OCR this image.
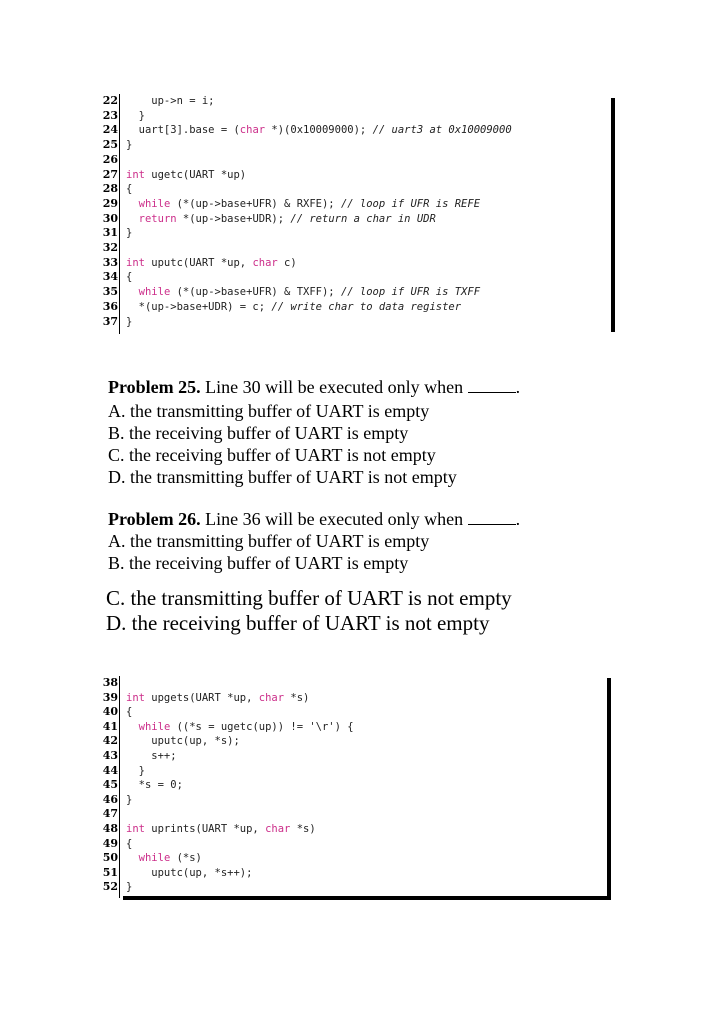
22 up->n = i;
23 }
24 uart[3].base = (char *)(0x10009000); // uart3 at 0x10009000
25 }
26
27 int ugetc(UART *up)
28 {
29	while (*(up->base+UFR) & RXFE); // loop if UFR is REFE
30	return *(up->base+UDR); // return a char in UDR
31 }
32
33 int uputc(UART *up, char c)
34 {
35	while (*(up->base+UFR) & TXFF); // loop if UFR is TXFF
36 *(up->base+UDR) = c; // write char to data register
37 }
Problem 25. Line 30 will be executed only when	.
A. the transmitting buffer of UART is empty
B. the receiving buffer of UART is empty
C. the receiving buffer of UART is not empty
D. the transmitting buffer of UART is not empty
Problem 26. Line 36 will be executed only when	.
A. the transmitting buffer of UART is empty
B. the receiving buffer of UART is empty
C. the transmitting buffer of UART is not empty
D. the receiving buffer of UART is not empty
38
39 int upgets(UART *up, char *s)
40 {
41	while ((*s = ugetc(up)) != '\r') {
42 uputc(up, *s);
43 s++;
44 }
45 *s = 0;
46 }
47
48 int uprints(UART *up, char *s)
49 {
50	while (*s)
51 uputc(up, *s++);
52 }
